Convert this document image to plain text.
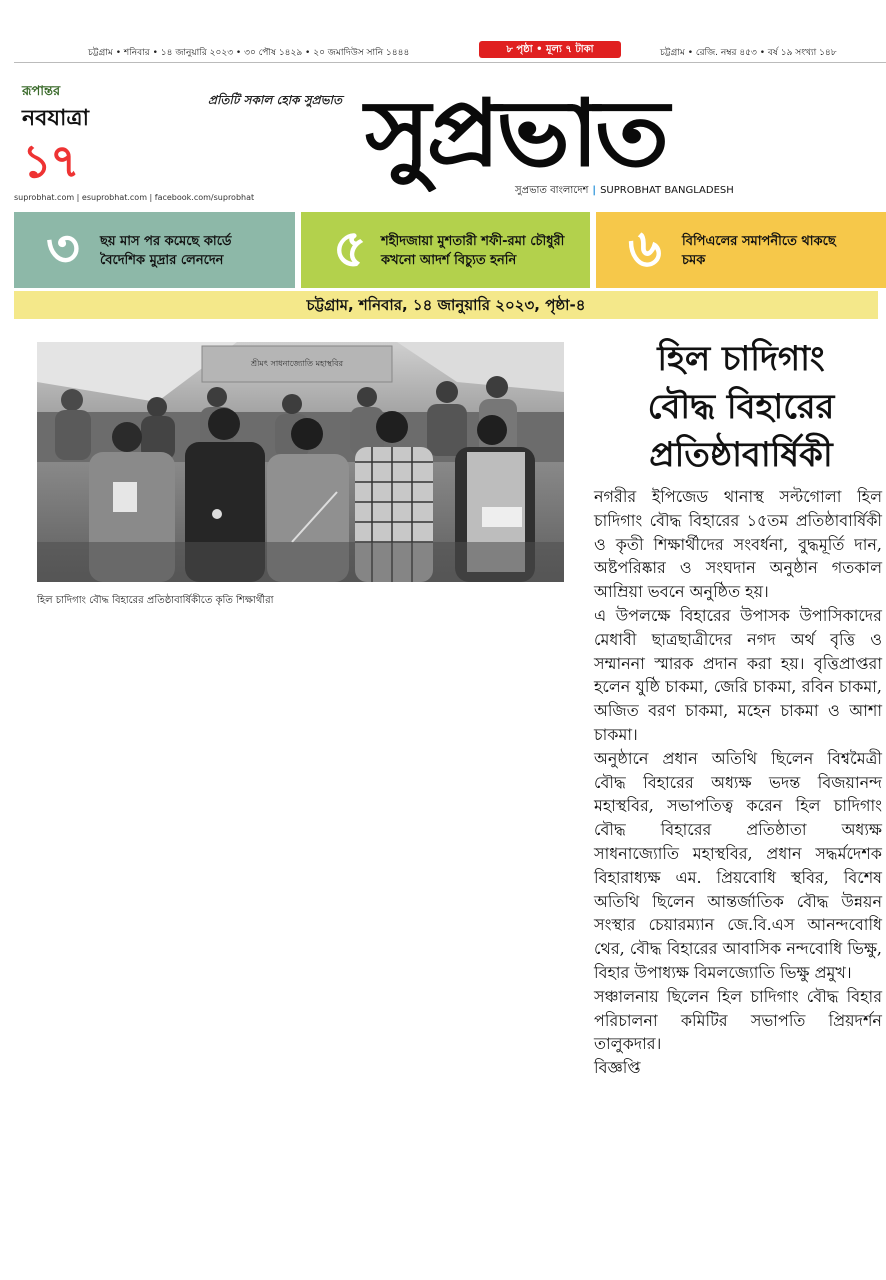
চট্টগ্রাম • শনিবার • ১৪ জানুয়ারি ২০২৩ • ৩০ পৌষ ১৪২৯ • ২০ জমাদিউস সানি ১৪৪৪	৮ পৃষ্ঠা • মূল্য ৭ টাকা	চট্টগ্রাম • রেজি. নম্বর ৪৫৩ • বর্ষ ১৯ সংখ্যা ১৪৮
রূপান্তর
নবযাত্রা
১৭
suprobhat.com | esuprobhat.com | facebook.com/suprobhat
প্রতিটি সকাল হোক সুপ্রভাত সুপ্রভাত
সুপ্রভাত বাংলাদেশ | SUPROBHAT BANGLADESH
৩ ছয় মাস পর কমেছে কার্ডে বৈদেশিক মুদ্রার লেনদেন	৫ শহীদজায়া মুশতারী শফী-রমা চৌধুরী কখনো আদর্শ বিচ্যুত হননি	৬ বিপিএলের সমাপনীতে থাকছে চমক
চট্টগ্রাম, শনিবার, ১৪ জানুয়ারি ২০২৩, পৃষ্ঠা-৪
শ্রীমৎ সাধনাজ্যোতি মহাস্থবির
হিল চাদিগাং বৌদ্ধ বিহারের প্রতিষ্ঠাবার্ষিকীতে কৃতি শিক্ষার্থীরা
হিল চাদিগাং
বৌদ্ধ বিহারের
প্রতিষ্ঠাবার্ষিকী

নগরীর ইপিজেড থানাস্থ সল্টগোলা হিল চাদিগাং বৌদ্ধ বিহারের ১৫তম প্রতিষ্ঠাবার্ষিকী ও কৃতী শিক্ষার্থীদের সংবর্ধনা, বুদ্ধমূর্তি দান, অষ্টপরিষ্কার ও সংঘদান অনুষ্ঠান গতকাল আম্রিয়া ভবনে অনুষ্ঠিত হয়।

এ উপলক্ষে বিহারের উপাসক উপাসিকাদের মেধাবী ছাত্রছাত্রীদের নগদ অর্থ বৃত্তি ও সম্মাননা স্মারক প্রদান করা হয়। বৃত্তিপ্রাপ্তরা হলেন যুষ্ঠি চাকমা, জেরি চাকমা, রবিন চাকমা, অজিত বরণ চাকমা, মহেন চাকমা ও আশা চাকমা।

অনুষ্ঠানে প্রধান অতিথি ছিলেন বিশ্বমৈত্রী বৌদ্ধ বিহারের অধ্যক্ষ ভদন্ত বিজয়ানন্দ মহাস্থবির, সভাপতিত্ব করেন হিল চাদিগাং বৌদ্ধ বিহারের প্রতিষ্ঠাতা অধ্যক্ষ সাধনাজ্যোতি মহাস্থবির, প্রধান সদ্ধর্মদেশক বিহারাধ্যক্ষ এম. প্রিয়বোধি স্থবির, বিশেষ অতিথি ছিলেন আন্তর্জাতিক বৌদ্ধ উন্নয়ন সংস্থার চেয়ারম্যান জে.বি.এস আনন্দবোধি থের, বৌদ্ধ বিহারের আবাসিক নন্দবোধি ভিক্ষু, বিহার উপাধ্যক্ষ বিমলজ্যোতি ভিক্ষু প্রমুখ।

সঞ্চালনায় ছিলেন হিল চাদিগাং বৌদ্ধ বিহার পরিচালনা কমিটির সভাপতি প্রিয়দর্শন তালুকদার।

বিজ্ঞপ্তি
